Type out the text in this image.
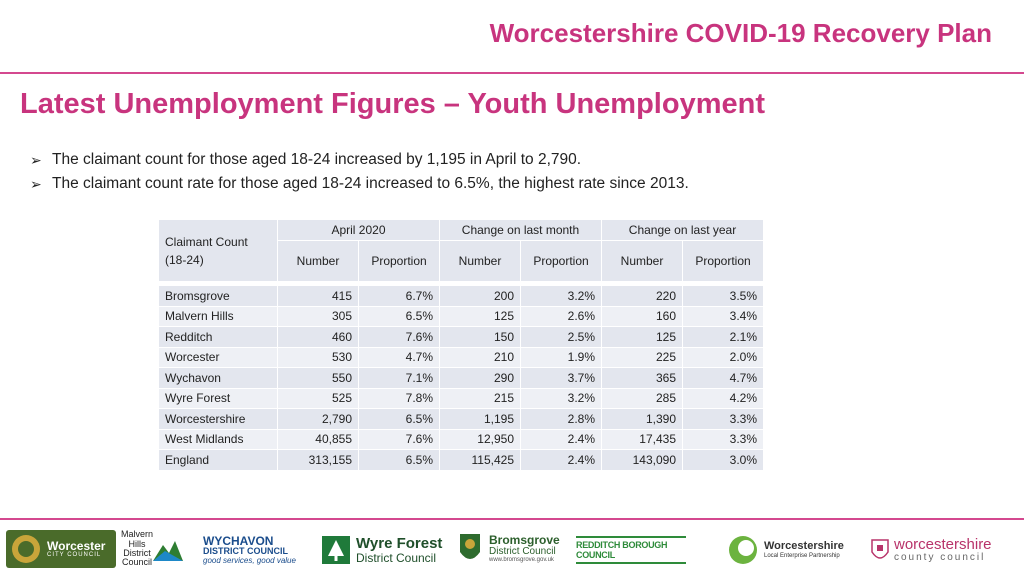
Worcestershire COVID-19 Recovery Plan
Latest Unemployment Figures – Youth Unemployment
➢ The claimant count for those aged 18-24 increased by 1,195 in April to 2,790.
➢ The claimant count rate for those aged 18-24 increased to 6.5%, the highest rate since 2013.
Claimant Count (18-24)	April 2020		Change on last month		Change on last year	
	Number	Proportion	Number	Proportion	Number	Proportion

Bromsgrove	415	6.7%	200	3.2%	220	3.5%
Malvern Hills	305	6.5%	125	2.6%	160	3.4%
Redditch	460	7.6%	150	2.5%	125	2.1%
Worcester	530	4.7%	210	1.9%	225	2.0%
Wychavon	550	7.1%	290	3.7%	365	4.7%
Wyre Forest	525	7.8%	215	3.2%	285	4.2%
Worcestershire	2,790	6.5%	1,195	2.8%	1,390	3.3%
West Midlands	40,855	7.6%	12,950	2.4%	17,435	3.3%
England	313,155	6.5%	115,425	2.4%	143,090	3.0%
Worcester
CITY COUNCIL
Malvern
Hills
District
Council
WYCHAVON
DISTRICT COUNCIL
good services, good value
Wyre Forest
District Council
Bromsgrove
District Council
www.bromsgrove.gov.uk
REDDITCH BOROUGH COUNCIL
Worcestershire
Local Enterprise Partnership
worcestershire
county council
